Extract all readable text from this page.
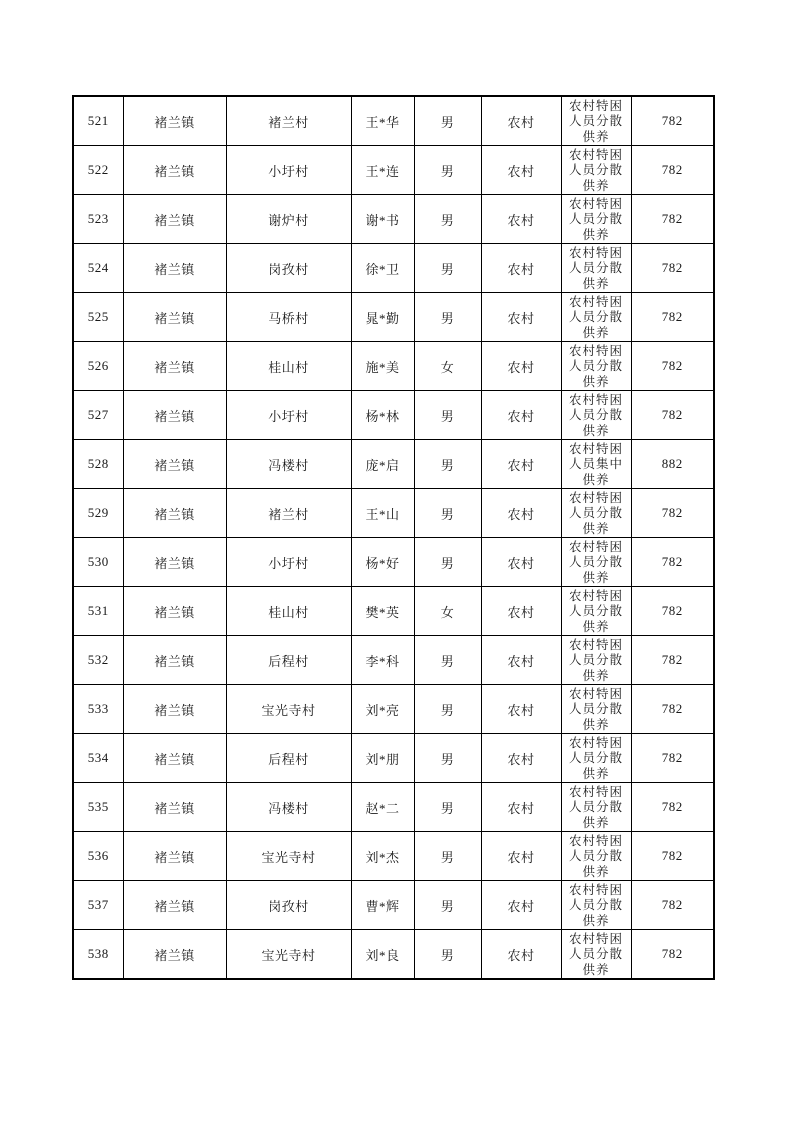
521	褚兰镇	褚兰村	王*华	男	农村	农村特困人员分散供养	782
522	褚兰镇	小圩村	王*连	男	农村	农村特困人员分散供养	782
523	褚兰镇	谢炉村	谢*书	男	农村	农村特困人员分散供养	782
524	褚兰镇	岗孜村	徐*卫	男	农村	农村特困人员分散供养	782
525	褚兰镇	马桥村	晁*勤	男	农村	农村特困人员分散供养	782
526	褚兰镇	桂山村	施*美	女	农村	农村特困人员分散供养	782
527	褚兰镇	小圩村	杨*林	男	农村	农村特困人员分散供养	782
528	褚兰镇	冯楼村	庞*启	男	农村	农村特困人员集中供养	882
529	褚兰镇	褚兰村	王*山	男	农村	农村特困人员分散供养	782
530	褚兰镇	小圩村	杨*好	男	农村	农村特困人员分散供养	782
531	褚兰镇	桂山村	樊*英	女	农村	农村特困人员分散供养	782
532	褚兰镇	后程村	李*科	男	农村	农村特困人员分散供养	782
533	褚兰镇	宝光寺村	刘*亮	男	农村	农村特困人员分散供养	782
534	褚兰镇	后程村	刘*朋	男	农村	农村特困人员分散供养	782
535	褚兰镇	冯楼村	赵*二	男	农村	农村特困人员分散供养	782
536	褚兰镇	宝光寺村	刘*杰	男	农村	农村特困人员分散供养	782
537	褚兰镇	岗孜村	曹*辉	男	农村	农村特困人员分散供养	782
538	褚兰镇	宝光寺村	刘*良	男	农村	农村特困人员分散供养	782
